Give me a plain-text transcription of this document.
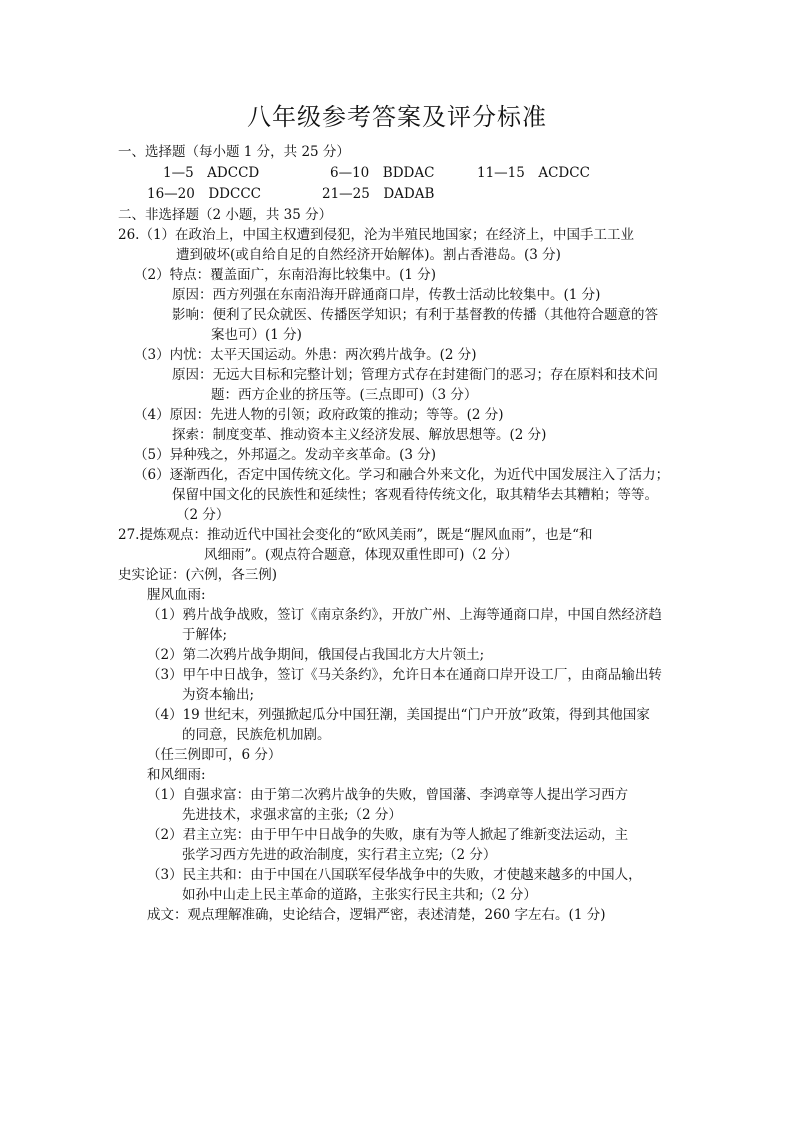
八年级参考答案及评分标准
一、选择题（每小题 1 分，共 25 分）
1—5　ADCCD	6—10　BDDAC	11—15　ACDCC
16—20　DDCCC	21—25　DADAB
二、非选择题（2 小题，共 35 分）
26.（1）在政治上，中国主权遭到侵犯，沦为半殖民地国家；在经济上，中国手工工业
遭到破坏(或自给自足的自然经济开始解体)。割占香港岛。(3 分)
（2）特点：覆盖面广，东南沿海比较集中。(1 分)
原因：西方列强在东南沿海开辟通商口岸，传教士活动比较集中。(1 分)
影响：便利了民众就医、传播医学知识；有利于基督教的传播（其他符合题意的答
案也可）(1 分)
（3）内忧：太平天国运动。外患：两次鸦片战争。(2 分)
原因：无远大目标和完整计划；管理方式存在封建衙门的恶习；存在原料和技术问
题：西方企业的挤压等。(三点即可)（3 分）
（4）原因：先进人物的引领；政府政策的推动；等等。(2 分)
探索：制度变革、推动资本主义经济发展、解放思想等。(2 分)
（5）异种残之，外邦逼之。发动辛亥革命。(3 分)
（6）逐渐西化，否定中国传统文化。学习和融合外来文化，为近代中国发展注入了活力；
保留中国文化的民族性和延续性；客观看待传统文化，取其精华去其糟粕；等等。
（2 分）
27.提炼观点：推动近代中国社会变化的“欧风美雨”，既是“腥风血雨”，也是“和
风细雨”。(观点符合题意，体现双重性即可)（2 分）
史实论证：(六例，各三例)
腥风血雨:
（1）鸦片战争战败，签订《南京条约》，开放广州、上海等通商口岸，中国自然经济趋
于解体;
（2）第二次鸦片战争期间，俄国侵占我国北方大片领土;
（3）甲午中日战争，签订《马关条约》，允许日本在通商口岸开设工厂，由商品输出转
为资本输出;
（4）19 世纪末，列强掀起瓜分中国狂潮，美国提出“门户开放”政策，得到其他国家
的同意，民族危机加剧。
（任三例即可，6 分）
和风细雨:
（1）自强求富：由于第二次鸦片战争的失败，曾国藩、李鸿章等人提出学习西方
先进技术，求强求富的主张;（2 分）
（2）君主立宪：由于甲午中日战争的失败，康有为等人掀起了维新变法运动，主
张学习西方先进的政治制度，实行君主立宪;（2 分）
（3）民主共和：由于中国在八国联军侵华战争中的失败，才使越来越多的中国人，
如孙中山走上民主革命的道路，主张实行民主共和;（2 分）
成文：观点理解准确，史论结合，逻辑严密，表述清楚，260 字左右。(1 分)
